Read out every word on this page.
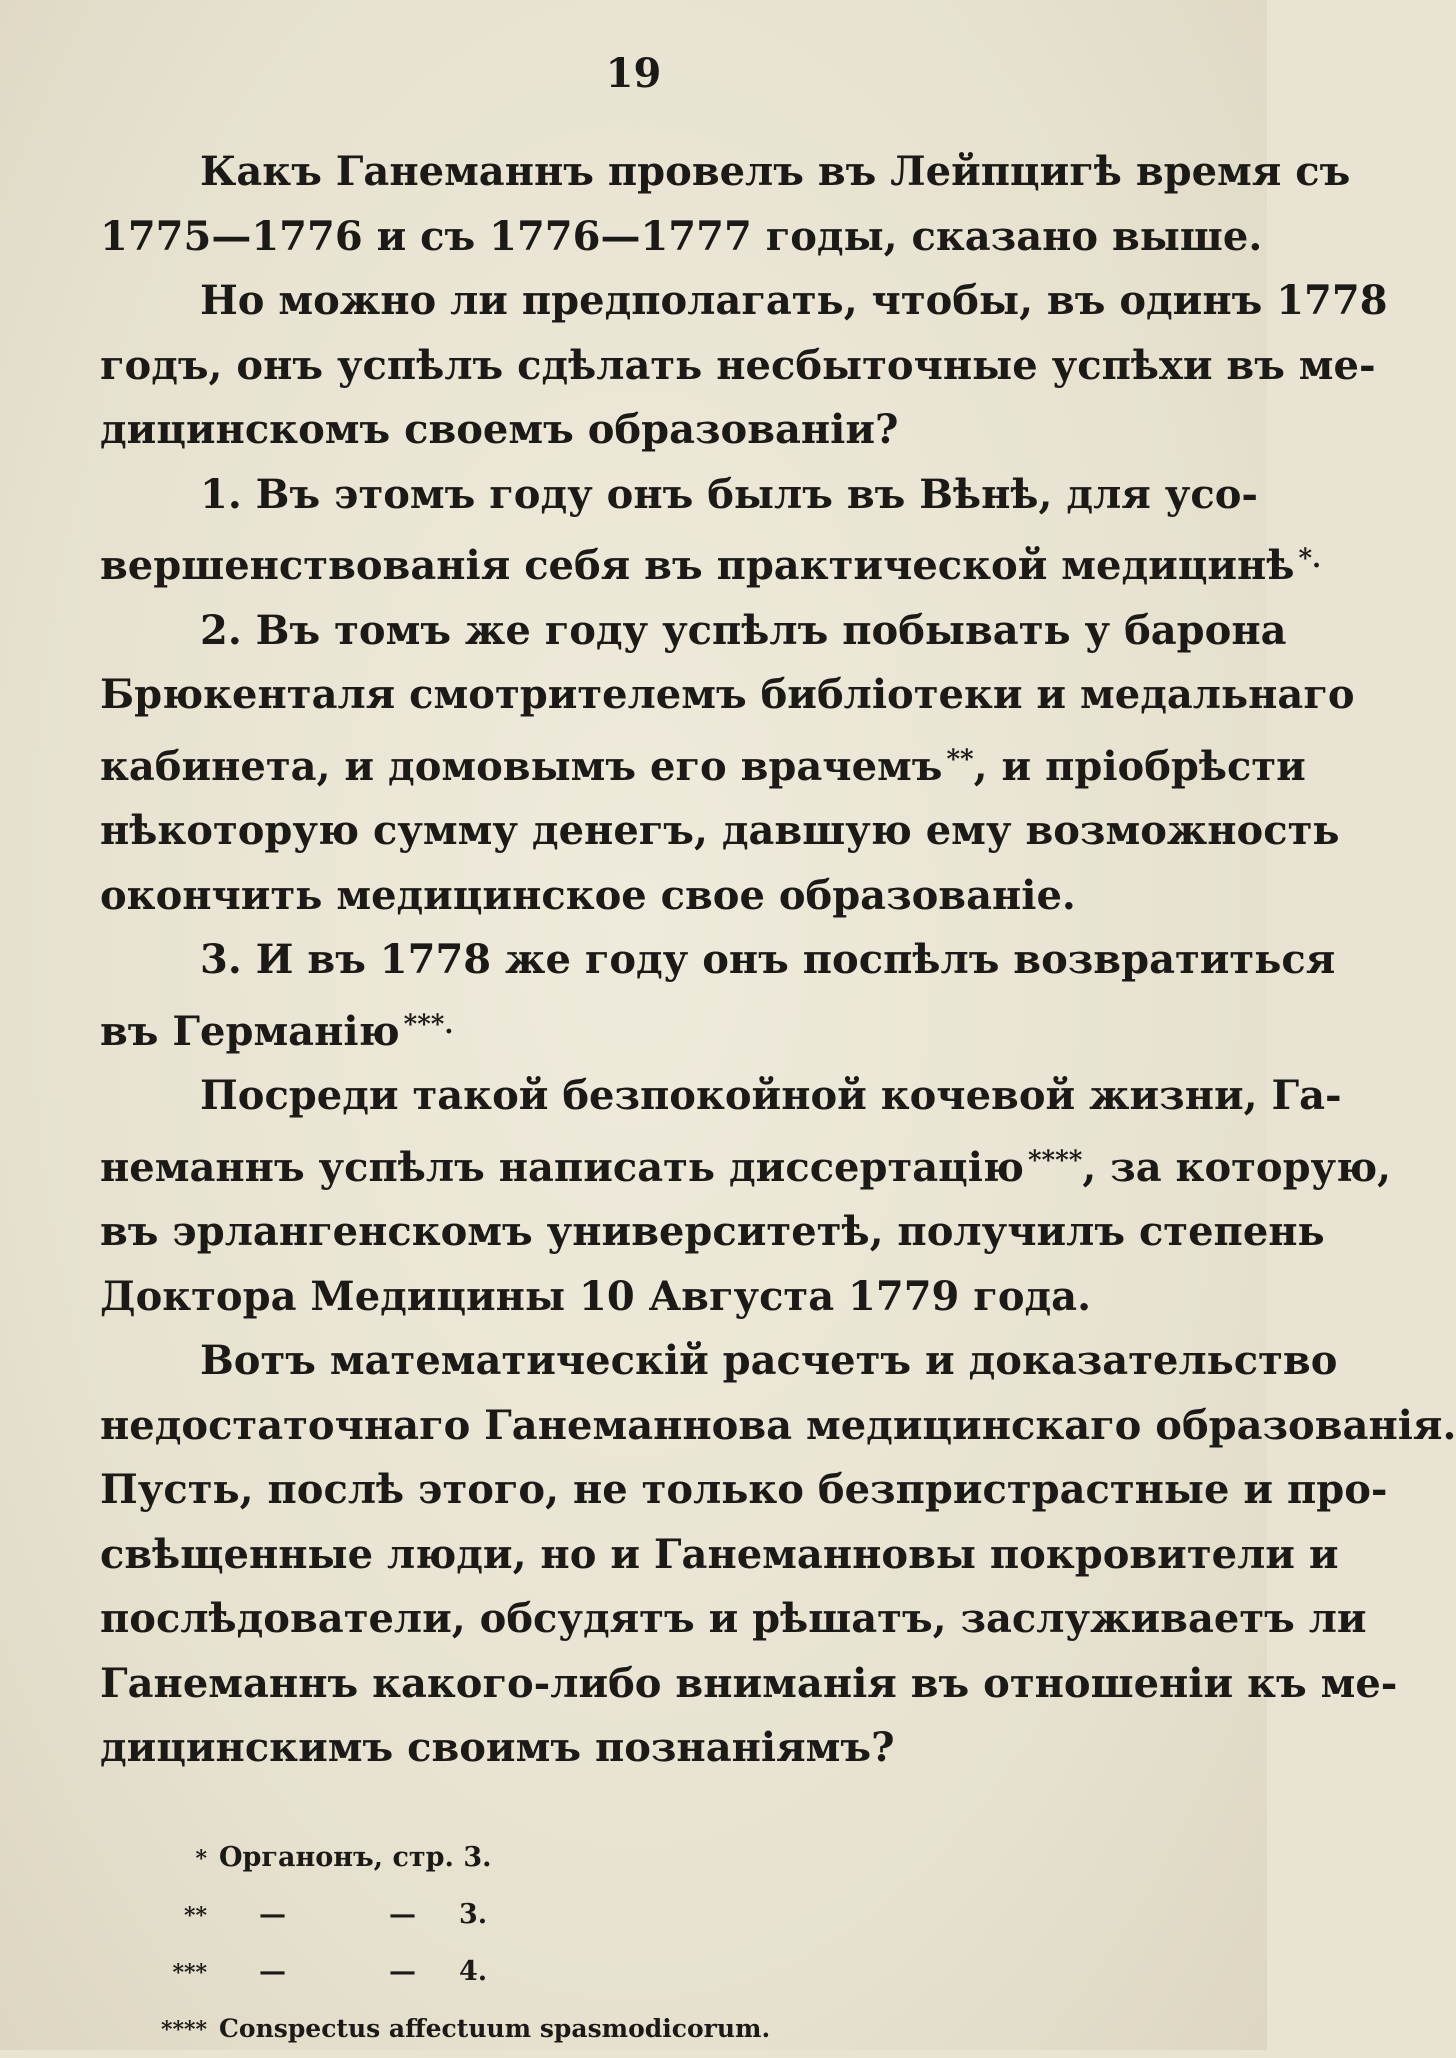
19
Какъ Ганеманнъ провелъ въ Лейпцигѣ время съ
1775—1776 и съ 1776—1777 годы, сказано выше.
Но можно ли предполагать, чтобы, въ одинъ 1778
годъ, онъ успѣлъ сдѣлать несбыточные успѣхи въ ме-
дицинскомъ своемъ образованіи?
1. Въ этомъ году онъ былъ въ Вѣнѣ, для усо-
вершенствованія себя въ практической медицинѣ *.
2. Въ томъ же году успѣлъ побывать у барона
Брюкенталя смотрителемъ библіотеки и медальнаго
кабинета, и домовымъ его врачемъ **, и пріобрѣсти
нѣкоторую сумму денегъ, давшую ему возможность
окончить медицинское свое образованіе.
3. И въ 1778 же году онъ поспѣлъ возвратиться
въ Германію ***.
Посреди такой безпокойной кочевой жизни, Га-
неманнъ успѣлъ написать диссертацію ****, за которую,
въ эрлангенскомъ университетѣ, получилъ степень
Доктора Медицины 10 Августа 1779 года.
Вотъ математическій расчетъ и доказательство
недостаточнаго Ганеманнова медицинскаго образованія.
Пусть, послѣ этого, не только безпристрастные и про-
свѣщенные люди, но и Ганеманновы покровители и
послѣдователи, обсудятъ и рѣшатъ, заслуживаетъ ли
Ганеманнъ какого-либо вниманія въ отношеніи къ ме-
дицинскимъ своимъ познаніямъ?
* Органонъ, стр. 3.
** —	— 3.
*** —	— 4.
**** Conspectus affectuum spasmodicorum.
